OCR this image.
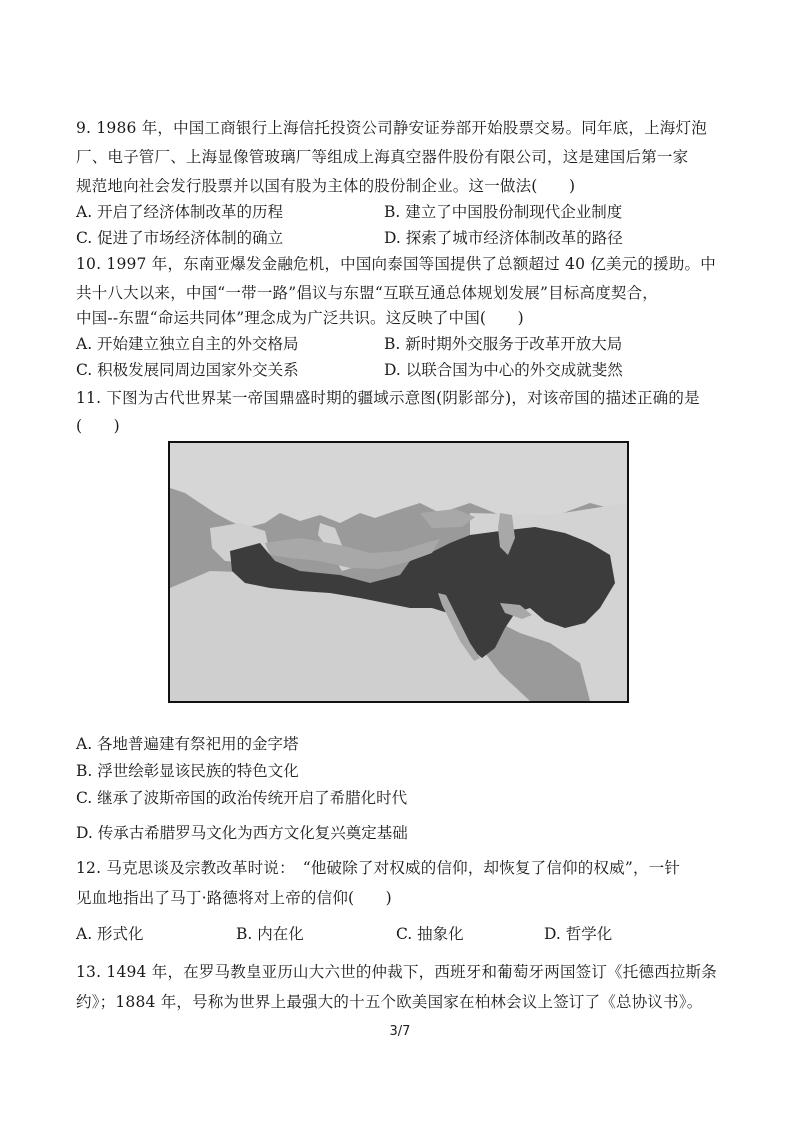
9. 1986 年，中国工商银行上海信托投资公司静安证券部开始股票交易。同年底，上海灯泡
厂、电子管厂、上海显像管玻璃厂等组成上海真空器件股份有限公司，这是建国后第一家
规范地向社会发行股票并以国有股为主体的股份制企业。这一做法(　　)
A. 开启了经济体制改革的历程	B. 建立了中国股份制现代企业制度
C. 促进了市场经济体制的确立	D. 探索了城市经济体制改革的路径
10. 1997 年，东南亚爆发金融危机，中国向泰国等国提供了总额超过 40 亿美元的援助。中
共十八大以来，中国“一带一路”倡议与东盟“互联互通总体规划发展”目标高度契合，
中国--东盟“命运共同体”理念成为广泛共识。这反映了中国(　　)
A. 开始建立独立自主的外交格局	B. 新时期外交服务于改革开放大局
C. 积极发展同周边国家外交关系	D. 以联合国为中心的外交成就斐然
11. 下图为古代世界某一帝国鼎盛时期的疆域示意图(阴影部分)，对该帝国的描述正确的是
(　　)
A. 各地普遍建有祭祀用的金字塔
B. 浮世绘彰显该民族的特色文化
C. 继承了波斯帝国的政治传统开启了希腊化时代
D. 传承古希腊罗马文化为西方文化复兴奠定基础
12. 马克思谈及宗教改革时说：　“他破除了对权威的信仰，却恢复了信仰的权威”，一针
见血地指出了马丁·路德将对上帝的信仰(　　)
A. 形式化	B. 内在化	C. 抽象化	D. 哲学化
13. 1494 年，在罗马教皇亚历山大六世的仲裁下，西班牙和葡萄牙两国签订《托德西拉斯条
约》；1884 年，号称为世界上最强大的十五个欧美国家在柏林会议上签订了《总协议书》。
3/7
